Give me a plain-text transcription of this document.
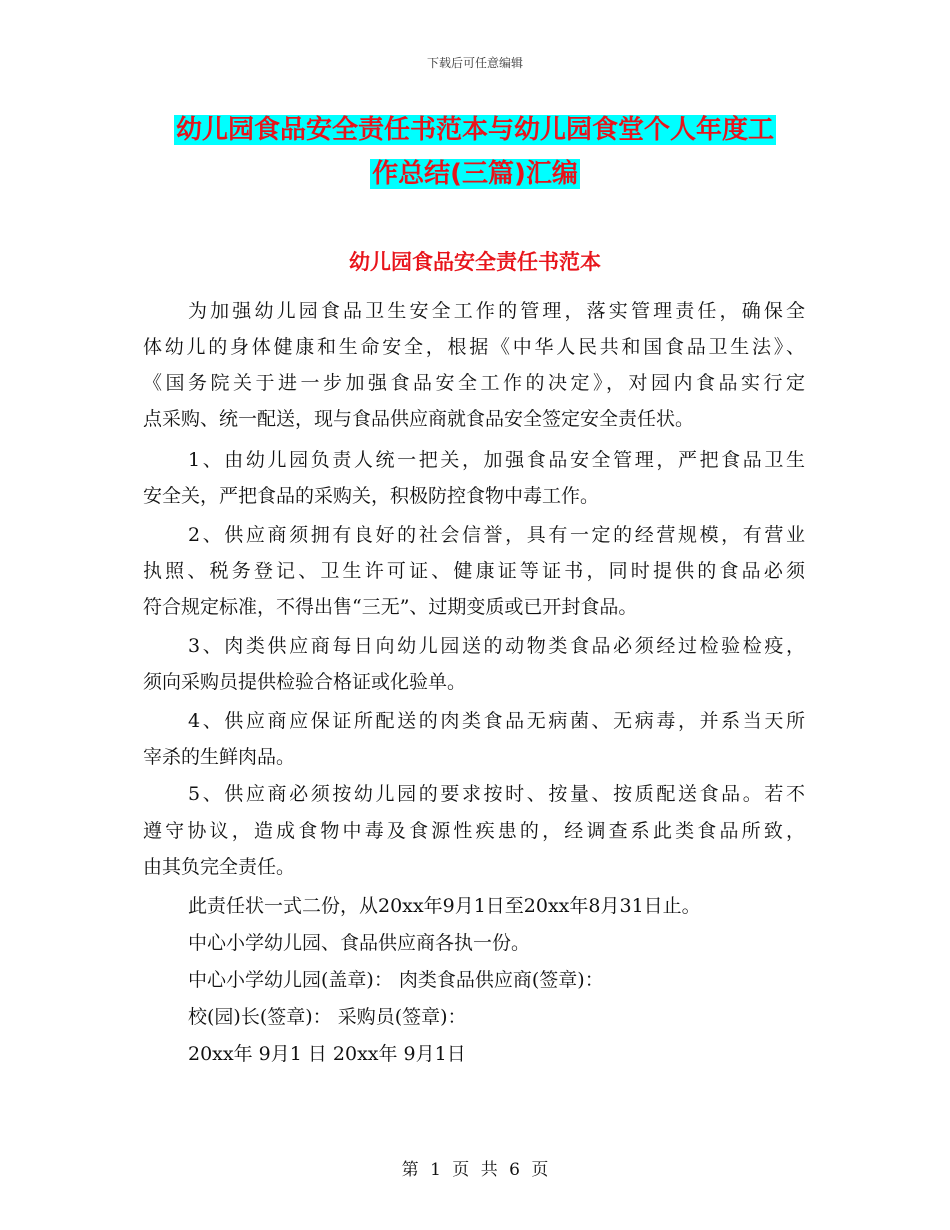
下载后可任意编辑
幼儿园食品安全责任书范本与幼儿园食堂个人年度工
作总结(三篇)汇编
幼儿园食品安全责任书范本
为加强幼儿园食品卫生安全工作的管理，落实管理责任，确保全
体幼儿的身体健康和生命安全，根据《中华人民共和国食品卫生法》、
《国务院关于进一步加强食品安全工作的决定》，对园内食品实行定
点采购、统一配送，现与食品供应商就食品安全签定安全责任状。
1、由幼儿园负责人统一把关，加强食品安全管理，严把食品卫生
安全关，严把食品的采购关，积极防控食物中毒工作。
2、供应商须拥有良好的社会信誉，具有一定的经营规模，有营业
执照、税务登记、卫生许可证、健康证等证书，同时提供的食品必须
符合规定标准，不得出售“三无”、过期变质或已开封食品。
3、肉类供应商每日向幼儿园送的动物类食品必须经过检验检疫，
须向采购员提供检验合格证或化验单。
4、供应商应保证所配送的肉类食品无病菌、无病毒，并系当天所
宰杀的生鲜肉品。
5、供应商必须按幼儿园的要求按时、按量、按质配送食品。若不
遵守协议，造成食物中毒及食源性疾患的，经调查系此类食品所致，
由其负完全责任。
此责任状一式二份，从20xx年9月1日至20xx年8月31日止。
中心小学幼儿园、食品供应商各执一份。
中心小学幼儿园(盖章)： 肉类食品供应商(签章)：
校(园)长(签章)： 采购员(签章)：
20xx年 9月1 日 20xx年 9月1日
第 1 页 共 6 页
